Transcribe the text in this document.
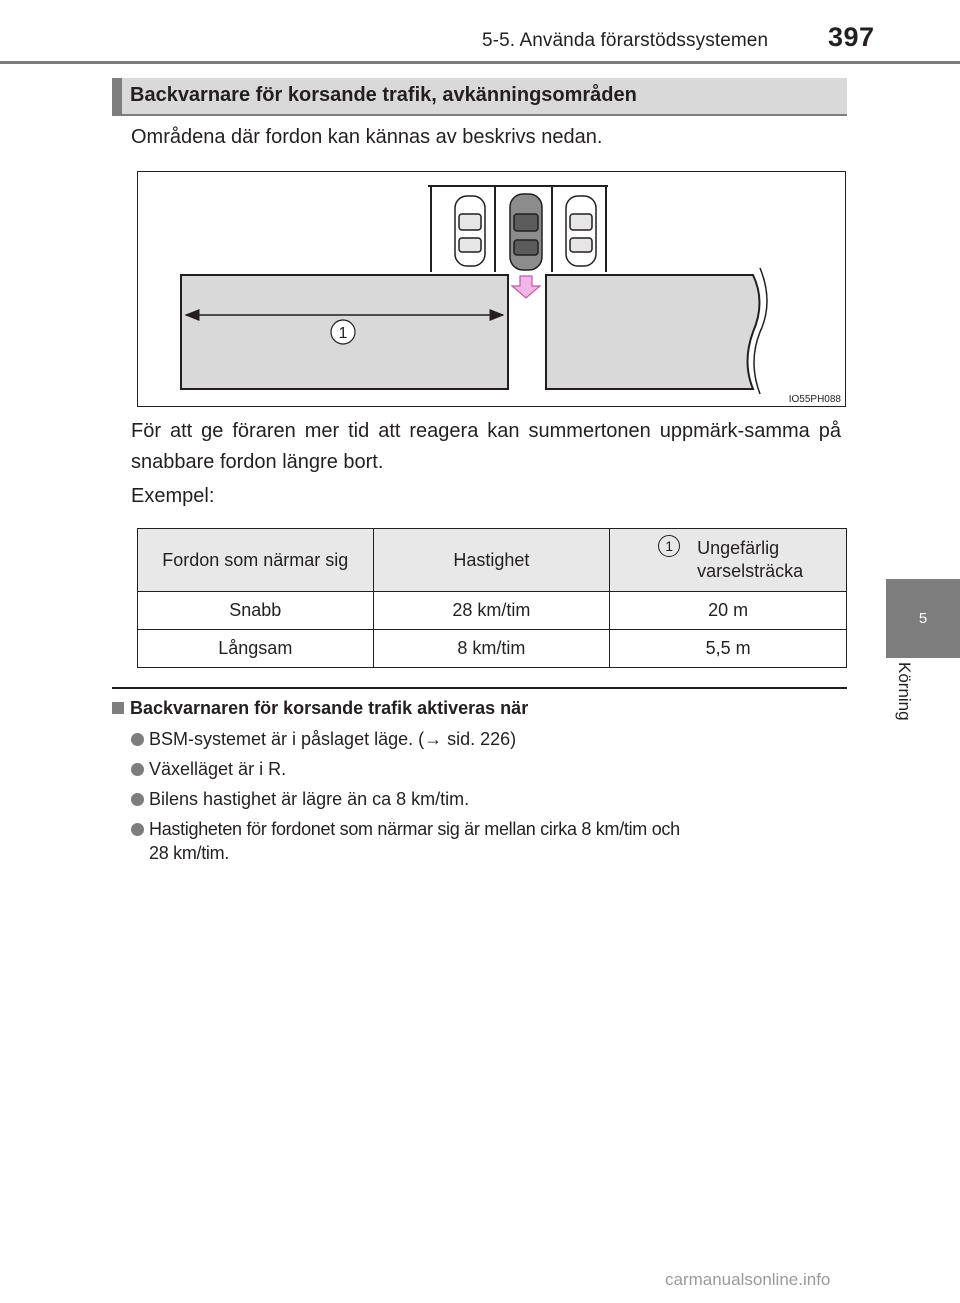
5-5. Använda förarstödssystemen 397
5
Körning
Backvarnare för korsande trafik, avkänningsområden
Områdena där fordon kan kännas av beskrivs nedan.
1
IO55PH088
För att ge föraren mer tid att reagera kan summertonen uppmärk-samma på snabbare fordon längre bort.
Exempel:
Fordon som närmar sig	Hastighet	1 Ungefärlig
varselsträcka
Snabb	28 km/tim	20 m
Långsam	8 km/tim	5,5 m
Backvarnaren för korsande trafik aktiveras när
BSM-systemet är i påslaget läge. (→ sid. 226)
Växelläget är i R.
Bilens hastighet är lägre än ca 8 km/tim.
Hastigheten för fordonet som närmar sig är mellan cirka 8 km/tim och
28 km/tim.
carmanualsonline.info
